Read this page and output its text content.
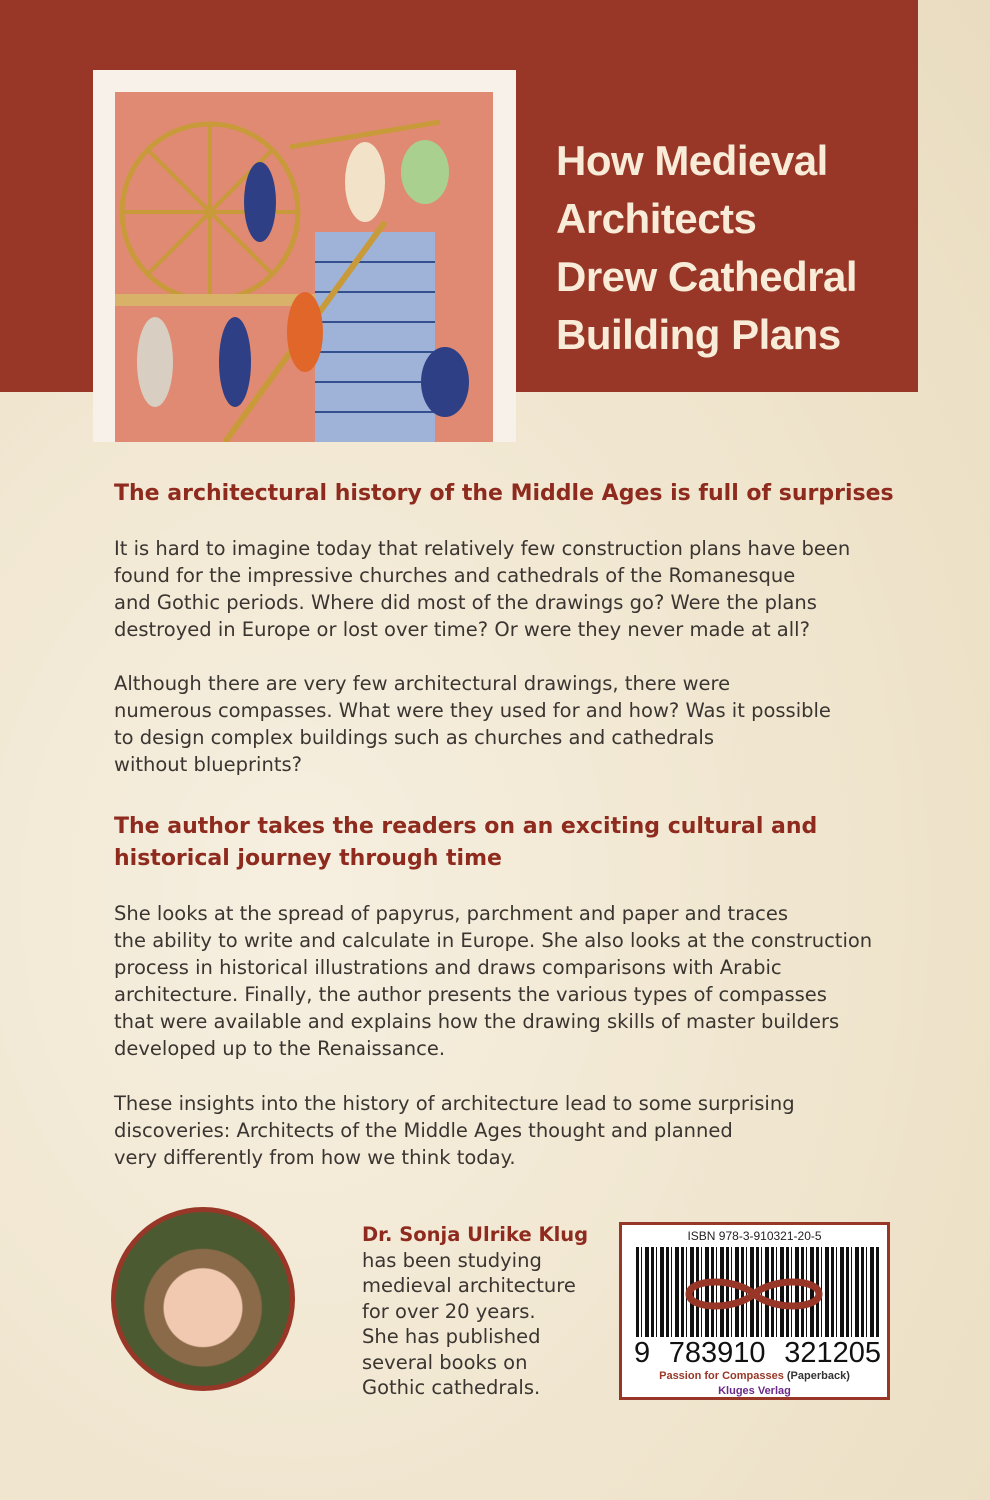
How Medieval
Architects
Drew Cathedral
Building Plans
The architectural history of the Middle Ages is full of surprises
It is hard to imagine today that relatively few construction plans have been
found for the impressive churches and cathedrals of the Romanesque
and Gothic periods. Where did most of the drawings go? Were the plans
destroyed in Europe or lost over time? Or were they never made at all?
Although there are very few architectural drawings, there were
numerous compasses. What were they used for and how? Was it possible
to design complex buildings such as churches and cathedrals
without blueprints?
The author takes the readers on an exciting cultural and
historical journey through time
She looks at the spread of papyrus, parchment and paper and traces
the ability to write and calculate in Europe. She also looks at the construction
process in historical illustrations and draws comparisons with Arabic
architecture. Finally, the author presents the various types of compasses
that were available and explains how the drawing skills of master builders
developed up to the Renaissance.
These insights into the history of architecture lead to some surprising
discoveries: Architects of the Middle Ages thought and planned
very differently from how we think today.
Dr. Sonja Ulrike Klug
has been studying
medieval architecture
for over 20 years.
She has published
several books on
Gothic cathedrals.
ISBN 978-3-910321-20-5
9 783910 321205
Passion for Compasses (Paperback)
Kluges Verlag
